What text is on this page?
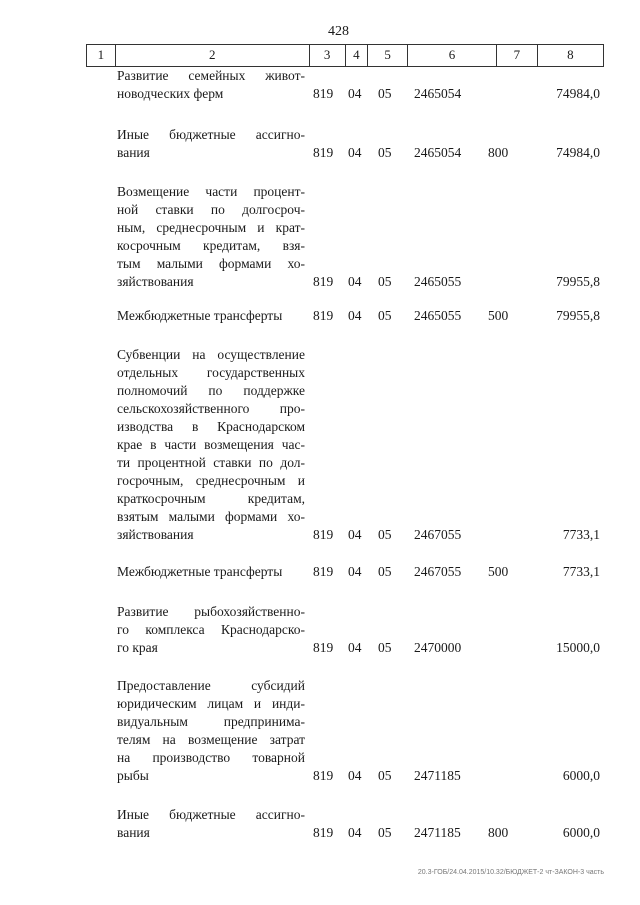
428
1	2	3	4	5	6	7	8
Развитие семейных живот-
новодческих ферм	819 04 05 2465054	74984,0
Иные бюджетные ассигно-
вания	819 04 05 2465054 800	74984,0
Возмещение части процент-
ной ставки по долгосроч-
ным, среднесрочным и крат-
косрочным кредитам, взя-
тым малыми формами хо-
зяйствования	819 04 05 2465055	79955,8
Межбюджетные трансферты	819 04 05 2465055 500	79955,8
Субвенции на осуществление
отдельных государственных
полномочий по поддержке
сельскохозяйственного про-
изводства в Краснодарском
крае в части возмещения час-
ти процентной ставки по дол-
госрочным, среднесрочным и
краткосрочным кредитам,
взятым малыми формами хо-
зяйствования	819 04 05 2467055	7733,1
Межбюджетные трансферты	819 04 05 2467055 500	7733,1
Развитие рыбохозяйственно-
го комплекса Краснодарско-
го края	819 04 05 2470000	15000,0
Предоставление субсидий
юридическим лицам и инди-
видуальным предпринима-
телям на возмещение затрат
на производство товарной
рыбы	819 04 05 2471185	6000,0
Иные бюджетные ассигно-
вания	819 04 05 2471185 800	6000,0
20.3-ГОБ/24.04.2015/10.32/БЮДЖЕТ-2 чт-ЗАКОН-3 часть
